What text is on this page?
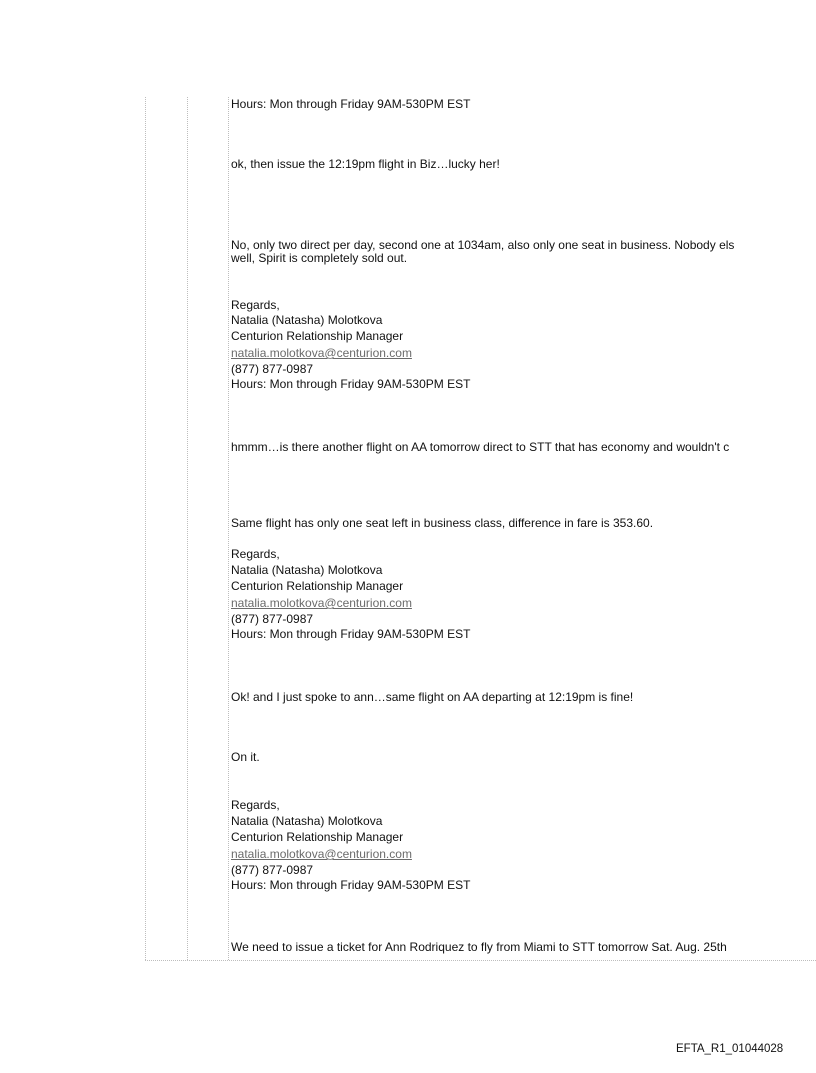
Hours: Mon through Friday 9AM-530PM EST
ok, then issue the 12:19pm flight in Biz…lucky her!
No, only two direct per day, second one at 1034am, also only one seat in business. Nobody els
well, Spirit is completely sold out.
Regards,
Natalia (Natasha) Molotkova
Centurion Relationship Manager
natalia.molotkova@centurion.com
(877) 877-0987
Hours: Mon through Friday 9AM-530PM EST
hmmm…is there another flight on AA tomorrow direct to STT that has economy and wouldn't c
Same flight has only one seat left in business class, difference in fare is 353.60.
Regards,
Natalia (Natasha) Molotkova
Centurion Relationship Manager
natalia.molotkova@centurion.com
(877) 877-0987
Hours: Mon through Friday 9AM-530PM EST
Ok! and I just spoke to ann…same flight on AA departing at 12:19pm is fine!
On it.
Regards,
Natalia (Natasha) Molotkova
Centurion Relationship Manager
natalia.molotkova@centurion.com
(877) 877-0987
Hours: Mon through Friday 9AM-530PM EST
We need to issue a ticket for Ann Rodriquez to fly from Miami to STT tomorrow Sat. Aug. 25th
EFTA_R1_01044028
